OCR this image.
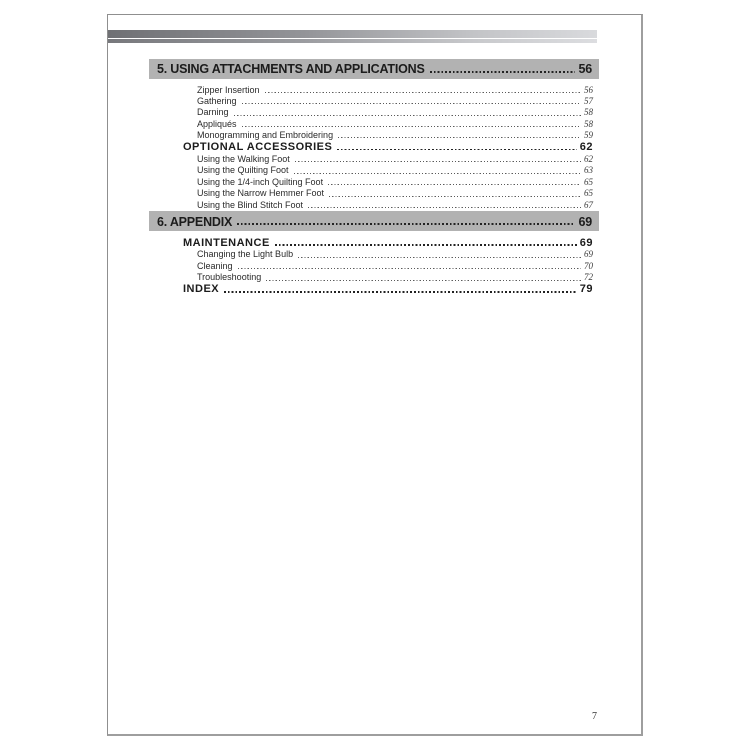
5. USING ATTACHMENTS AND APPLICATIONS	56
Zipper Insertion	56
Gathering	57
Darning	58
Appliqués	58
Monogramming and Embroidering	59
OPTIONAL ACCESSORIES	62
Using the Walking Foot	62
Using the Quilting Foot	63
Using the 1/4-inch Quilting Foot	65
Using the Narrow Hemmer Foot	65
Using the Blind Stitch Foot	67
6. APPENDIX	69
MAINTENANCE	69
Changing the Light Bulb	69
Cleaning	70
Troubleshooting	72
INDEX	79
7
